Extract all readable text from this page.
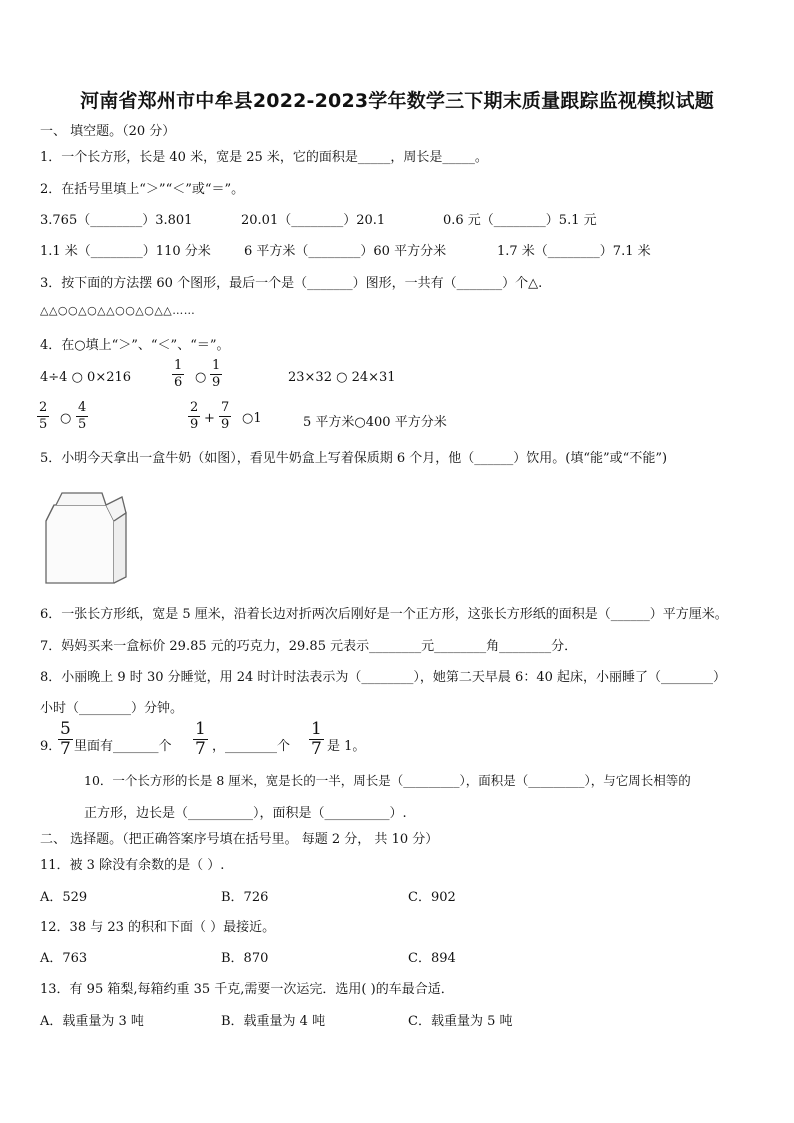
河南省郑州市中牟县2022-2023学年数学三下期末质量跟踪监视模拟试题
一、 填空题。（20 分）
1．一个长方形，长是 40 米，宽是 25 米，它的面积是_____，周长是_____。
2．在括号里填上“＞”“＜”或“＝”。
3.765（________）3.801	20.01（________）20.1	0.6 元（________）5.1 元
1.1 米（________）110 分米	6 平方米（________）60 平方分米	1.7 米（________）7.1 米
3．按下面的方法摆 60 个图形，最后一个是（_______）图形，一共有（_______）个△.
△△○○△○△△○○△○△△……
4．在○填上“＞”、“＜”、“＝”。
4÷4 ○ 0×216	$\frac{1}{6}$ ○ $\frac{1}{9}$	23×32 ○ 24×31
$\frac{2}{5}$ ○ $\frac{4}{5}$	$\frac{2}{9} + \frac{7}{9}$ ○1	5 平方米○400 平方分米
5．小明今天拿出一盒牛奶（如图），看见牛奶盒上写着保质期 6 个月，他（______）饮用。(填“能”或“不能”)
6．一张长方形纸，宽是 5 厘米，沿着长边对折两次后刚好是一个正方形，这张长方形纸的面积是（______）平方厘米。
7．妈妈买来一盒标价 29.85 元的巧克力，29.85 元表示________元________角________分．
8．小丽晚上 9 时 30 分睡觉，用 24 时计时法表示为（________），她第二天早晨 6：40 起床，小丽睡了（________）
小时（________）分钟。
9．
$\frac{5}{7}$ 里面有_______个 $\frac{1}{7}$ ，________个 $\frac{1}{7}$ 是 1。
10．一个长方形的长是 8 厘米，宽是长的一半，周长是（_________），面积是（_________），与它周长相等的
正方形，边长是（__________），面积是（__________）.
二、 选择题。（把正确答案序号填在括号里。 每题 2 分， 共 10 分）
11．被 3 除没有余数的是（ ）.
A．529	B．726	C．902
12．38 与 23 的积和下面（ ）最接近。
A．763	B．870	C．894
13．有 95 箱梨,每箱约重 35 千克,需要一次运完．选用( )的车最合适．
A．载重量为 3 吨	B．载重量为 4 吨	C．载重量为 5 吨
